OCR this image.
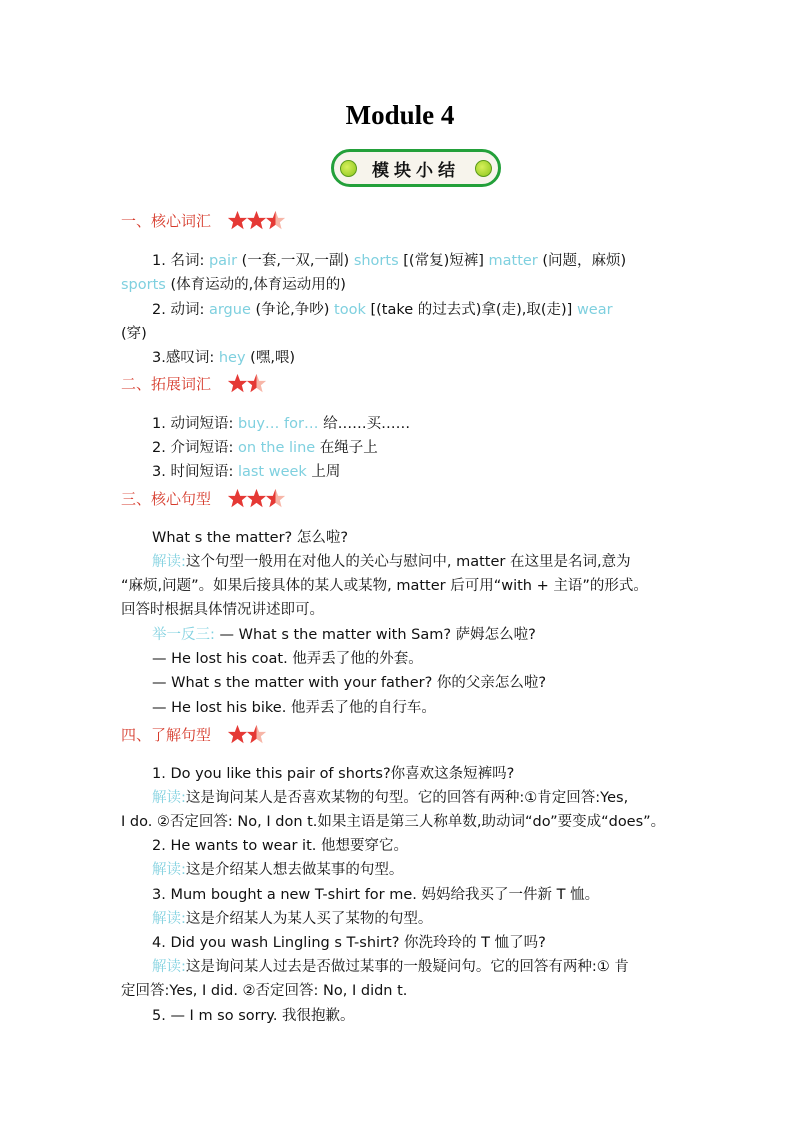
Module 4
模块小结
一、核心词汇
1. 名词: pair (一套,一双,一副) shorts [(常复)短裤] matter (问题，麻烦)
sports (体育运动的,体育运动用的)
2. 动词: argue (争论,争吵) took [(take 的过去式)拿(走),取(走)] wear
(穿)
3.感叹词: hey (嘿,喂)
二、拓展词汇
1. 动词短语: buy… for… 给……买……
2. 介词短语: on the line 在绳子上
3. 时间短语: last week 上周
三、核心句型
What s the matter? 怎么啦?
解读:这个句型一般用在对他人的关心与慰问中, matter 在这里是名词,意为
“麻烦,问题”。如果后接具体的某人或某物, matter 后可用“with + 主语”的形式。
回答时根据具体情况讲述即可。
举一反三: — What s the matter with Sam? 萨姆怎么啦?
— He lost his coat. 他弄丢了他的外套。
— What s the matter with your father? 你的父亲怎么啦?
— He lost his bike. 他弄丢了他的自行车。
四、了解句型
1. Do you like this pair of shorts?你喜欢这条短裤吗?
解读:这是询问某人是否喜欢某物的句型。它的回答有两种:①肯定回答:Yes,
I do. ②否定回答: No, I don t.如果主语是第三人称单数,助动词“do”要变成“does”。
2. He wants to wear it. 他想要穿它。
解读:这是介绍某人想去做某事的句型。
3. Mum bought a new T-shirt for me. 妈妈给我买了一件新 T 恤。
解读:这是介绍某人为某人买了某物的句型。
4. Did you wash Lingling s T-shirt? 你洗玲玲的 T 恤了吗?
解读:这是询问某人过去是否做过某事的一般疑问句。它的回答有两种:① 肯
定回答:Yes, I did. ②否定回答: No, I didn t.
5. — I m so sorry. 我很抱歉。
